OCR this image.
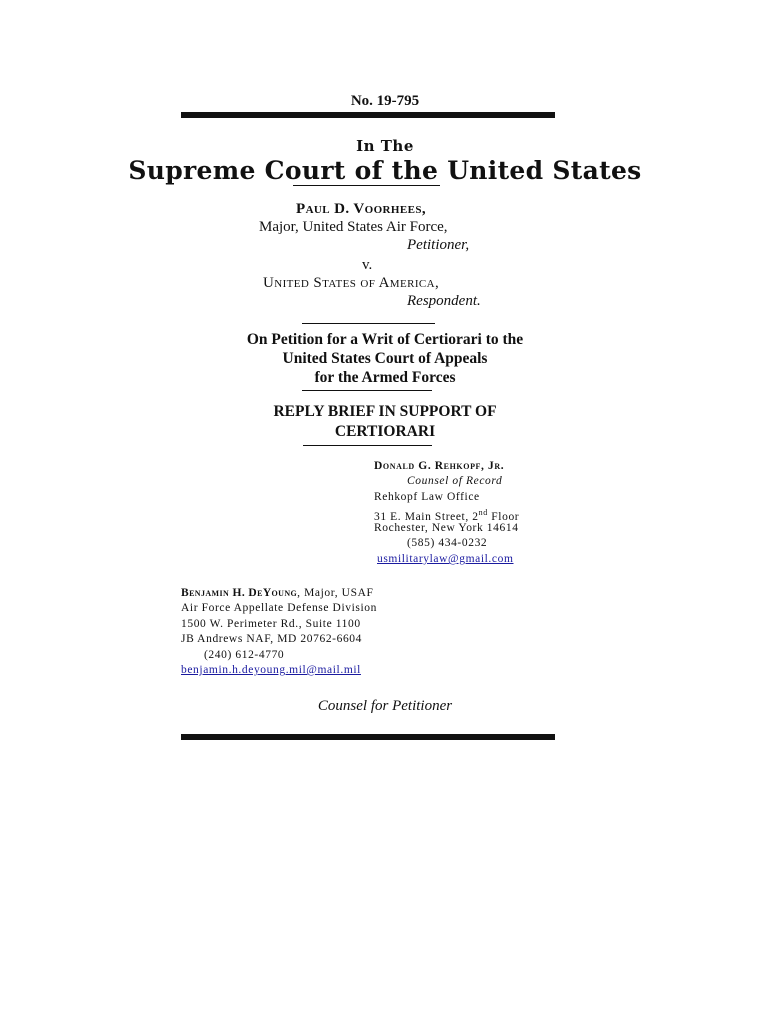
No. 19-795
In The
Supreme Court of the United States
Paul D. Voorhees,
Major, United States Air Force,
Petitioner,
v.
United States of America,
Respondent.
On Petition for a Writ of Certiorari to the
United States Court of Appeals
for the Armed Forces
REPLY BRIEF IN SUPPORT OF
CERTIORARI
Donald G. Rehkopf, Jr.
Counsel of Record
Rehkopf Law Office
31 E. Main Street, 2nd Floor
Rochester, New York 14614
(585) 434-0232
usmilitarylaw@gmail.com
Benjamin H. DeYoung, Major, USAF
Air Force Appellate Defense Division
1500 W. Perimeter Rd., Suite 1100
JB Andrews NAF, MD 20762-6604
(240) 612-4770
benjamin.h.deyoung.mil@mail.mil
Counsel for Petitioner
